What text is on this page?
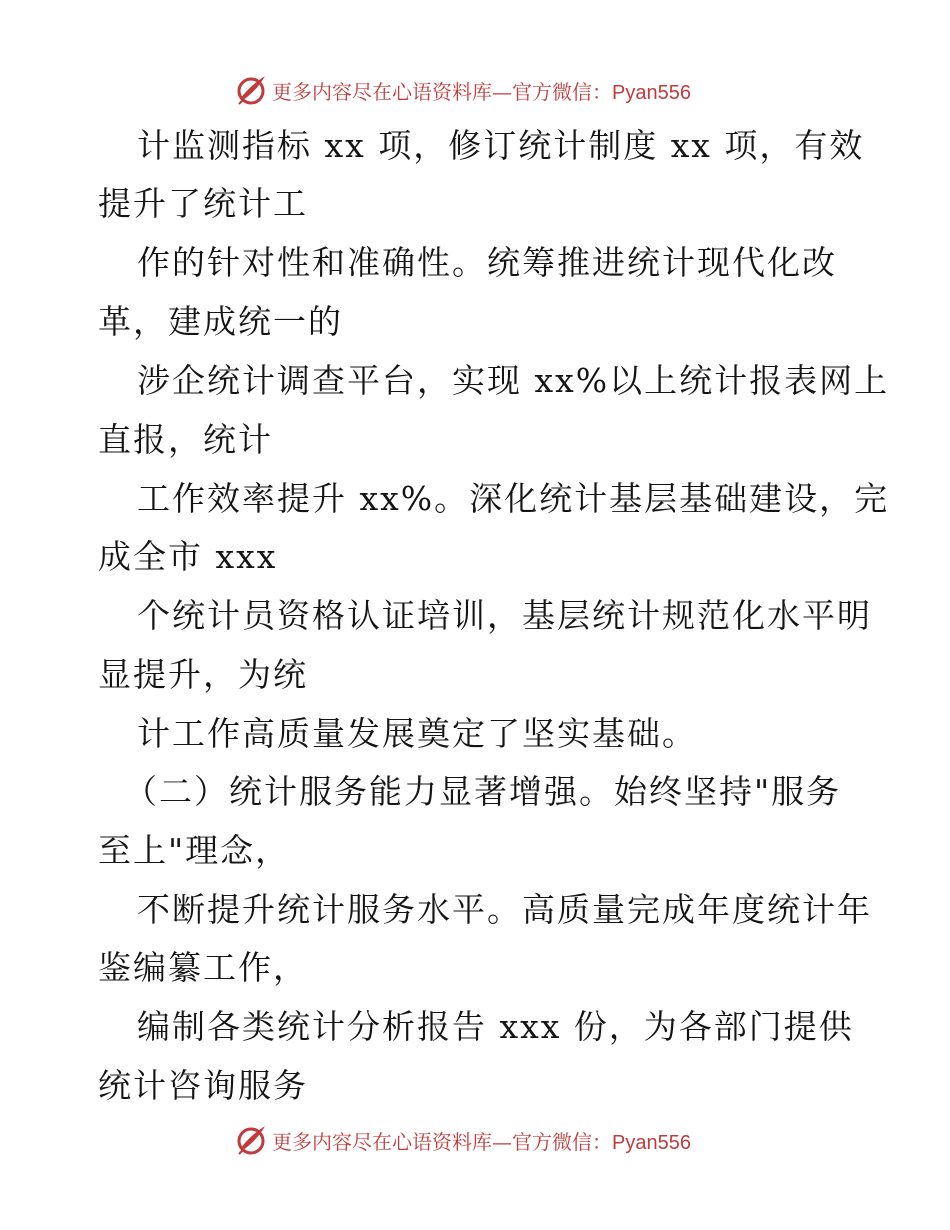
更多内容尽在心语资料库—官方微信：Pyan556
计监测指标 xx 项，修订统计制度 xx 项，有效
提升了统计工
作的针对性和准确性。统筹推进统计现代化改
革，建成统一的
涉企统计调查平台，实现 xx%以上统计报表网上
直报，统计
工作效率提升 xx%。深化统计基层基础建设，完
成全市 xxx
个统计员资格认证培训，基层统计规范化水平明
显提升，为统
计工作高质量发展奠定了坚实基础。
（二）统计服务能力显著增强。始终坚持"服务
至上"理念，
不断提升统计服务水平。高质量完成年度统计年
鉴编纂工作，
编制各类统计分析报告 xxx 份，为各部门提供
统计咨询服务
更多内容尽在心语资料库—官方微信：Pyan556
